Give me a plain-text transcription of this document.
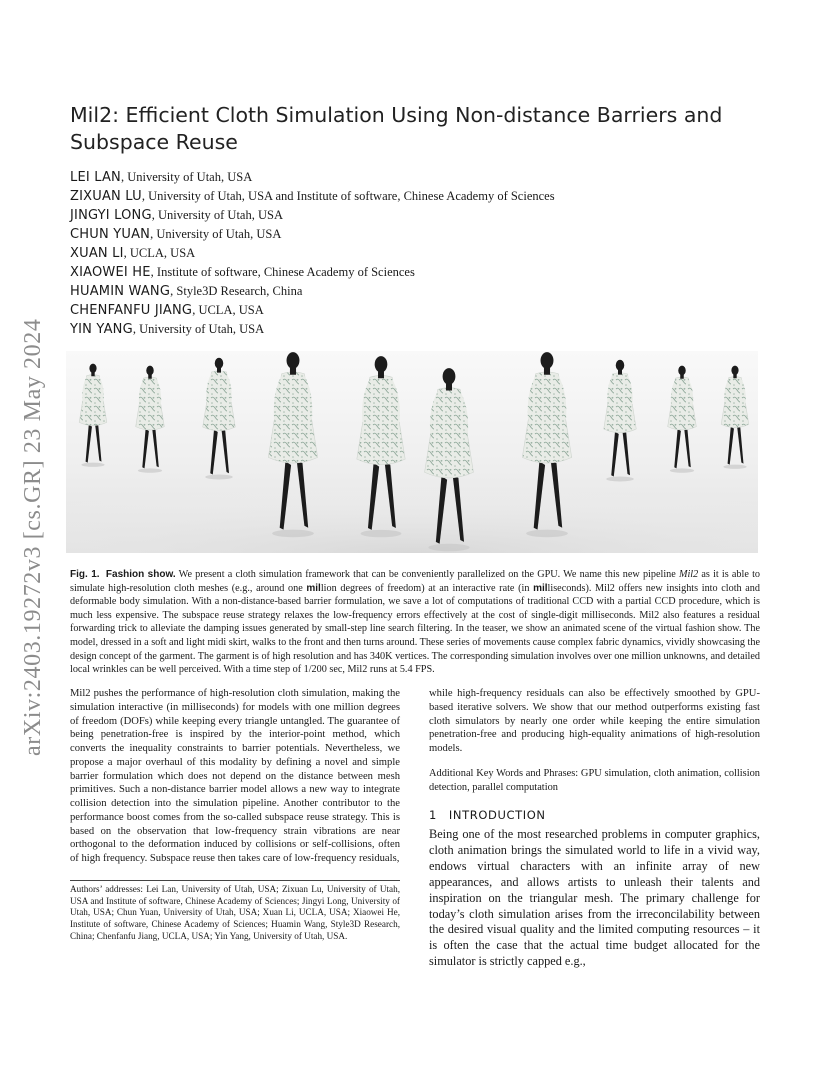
arXiv:2403.19272v3 [cs.GR] 23 May 2024
Mil2: Efficient Cloth Simulation Using Non-distance Barriers and Subspace Reuse
LEI LAN, University of Utah, USA
ZIXUAN LU, University of Utah, USA and Institute of software, Chinese Academy of Sciences
JINGYI LONG, University of Utah, USA
CHUN YUAN, University of Utah, USA
XUAN LI, UCLA, USA
XIAOWEI HE, Institute of software, Chinese Academy of Sciences
HUAMIN WANG, Style3D Research, China
CHENFANFU JIANG, UCLA, USA
YIN YANG, University of Utah, USA

Fig. 1. Fashion show. We present a cloth simulation framework that can be conveniently parallelized on the GPU. We name this new pipeline Mil2 as it is able to simulate high-resolution cloth meshes (e.g., around one million degrees of freedom) at an interactive rate (in milliseconds). Mil2 offers new insights into cloth and deformable body simulation. With a non-distance-based barrier formulation, we save a lot of computations of traditional CCD with a partial CCD procedure, which is much less expensive. The subspace reuse strategy relaxes the low-frequency errors effectively at the cost of single-digit milliseconds. Mil2 also features a residual forwarding trick to alleviate the damping issues generated by small-step line search filtering. In the teaser, we show an animated scene of the virtual fashion show. The model, dressed in a soft and light midi skirt, walks to the front and then turns around. These series of movements cause complex fabric dynamics, vividly showcasing the design concept of the garment. The garment is of high resolution and has 340K vertices. The corresponding simulation involves over one million unknowns, and detailed local wrinkles can be well perceived. With a time step of 1/200 sec, Mil2 runs at 5.4 FPS.

Mil2 pushes the performance of high-resolution cloth simulation, making the simulation interactive (in milliseconds) for models with one million degrees of freedom (DOFs) while keeping every triangle untangled. The guarantee of being penetration-free is inspired by the interior-point method, which converts the inequality constraints to barrier potentials. Nevertheless, we propose a major overhaul of this modality by defining a novel and simple barrier formulation which does not depend on the distance between mesh primitives. Such a non-distance barrier model allows a new way to integrate collision detection into the simulation pipeline. Another contributor to the performance boost comes from the so-called subspace reuse strategy. This is based on the observation that low-frequency strain vibrations are near orthogonal to the deformation induced by collisions or self-collisions, often of high frequency. Subspace reuse then takes care of low-frequency residuals,

while high-frequency residuals can also be effectively smoothed by GPU-based iterative solvers. We show that our method outperforms existing fast cloth simulators by nearly one order while keeping the entire simulation penetration-free and producing high-equality animations of high-resolution models.

Additional Key Words and Phrases: GPU simulation, cloth animation, collision detection, parallel computation

1 INTRODUCTION

Being one of the most researched problems in computer graphics, cloth animation brings the simulated world to life in a vivid way, endows virtual characters with an infinite array of new appearances, and allows artists to unleash their talents and inspiration on the triangular mesh. The primary challenge for today’s cloth simulation arises from the irreconcilability between the desired visual quality and the limited computing resources – it is often the case that the actual time budget allocated for the simulator is strictly capped e.g.,

Authors’ addresses: Lei Lan, University of Utah, USA; Zixuan Lu, University of Utah, USA and Institute of software, Chinese Academy of Sciences; Jingyi Long, University of Utah, USA; Chun Yuan, University of Utah, USA; Xuan Li, UCLA, USA; Xiaowei He, Institute of software, Chinese Academy of Sciences; Huamin Wang, Style3D Research, China; Chenfanfu Jiang, UCLA, USA; Yin Yang, University of Utah, USA.
